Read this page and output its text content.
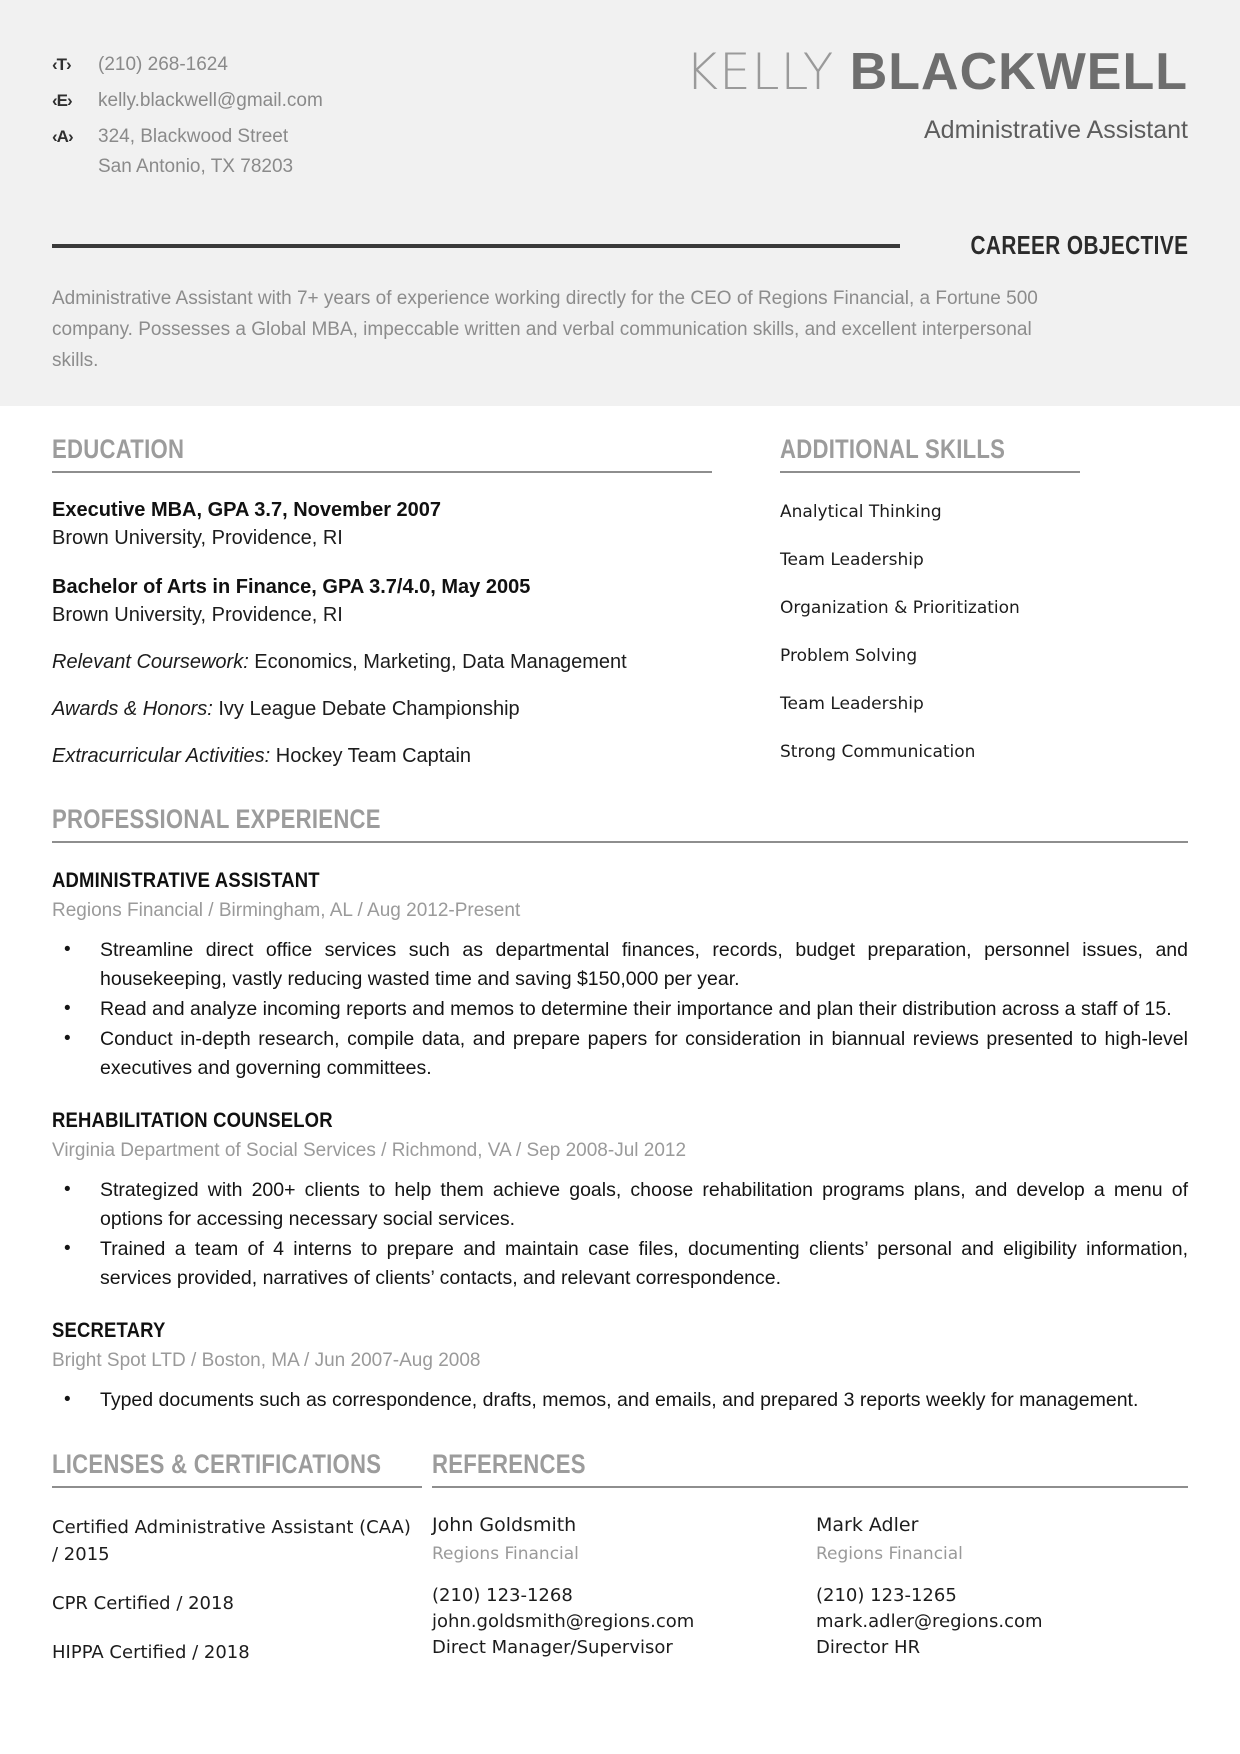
‹T›	(210) 268-1624
‹E›	kelly.blackwell@gmail.com
‹A›	324, Blackwood Street
San Antonio, TX 78203
KELLY BLACKWELL
Administrative Assistant
CAREER OBJECTIVE
Administrative Assistant with 7+ years of experience working directly for the CEO of Regions Financial, a Fortune 500 company. Possesses a Global MBA, impeccable written and verbal communication skills, and excellent interpersonal skills.
EDUCATION
Executive MBA, GPA 3.7, November 2007
Brown University, Providence, RI
Bachelor of Arts in Finance, GPA 3.7/4.0, May 2005
Brown University, Providence, RI
Relevant Coursework: Economics, Marketing, Data Management
Awards & Honors: Ivy League Debate Championship
Extracurricular Activities: Hockey Team Captain
ADDITIONAL SKILLS
Analytical Thinking
Team Leadership
Organization & Prioritization
Problem Solving
Team Leadership
Strong Communication
PROFESSIONAL EXPERIENCE
ADMINISTRATIVE ASSISTANT
Regions Financial / Birmingham, AL / Aug 2012-Present
• Streamline direct office services such as departmental finances, records, budget preparation, personnel issues, and housekeeping, vastly reducing wasted time and saving $150,000 per year.
• Read and analyze incoming reports and memos to determine their importance and plan their distribution across a staff of 15.
• Conduct in-depth research, compile data, and prepare papers for consideration in biannual reviews presented to high-level executives and governing committees.
REHABILITATION COUNSELOR
Virginia Department of Social Services / Richmond, VA / Sep 2008-Jul 2012
• Strategized with 200+ clients to help them achieve goals, choose rehabilitation programs plans, and develop a menu of options for accessing necessary social services.
• Trained a team of 4 interns to prepare and maintain case files, documenting clients’ personal and eligibility information, services provided, narratives of clients’ contacts, and relevant correspondence.
SECRETARY
Bright Spot LTD / Boston, MA / Jun 2007-Aug 2008
• Typed documents such as correspondence, drafts, memos, and emails, and prepared 3 reports weekly for management.
LICENSES & CERTIFICATIONS
Certified Administrative Assistant (CAA) / 2015
CPR Certified / 2018
HIPPA Certified / 2018
REFERENCES
John Goldsmith
Regions Financial
(210) 123-1268
john.goldsmith@regions.com
Direct Manager/Supervisor
Mark Adler
Regions Financial
(210) 123-1265
mark.adler@regions.com
Director HR
